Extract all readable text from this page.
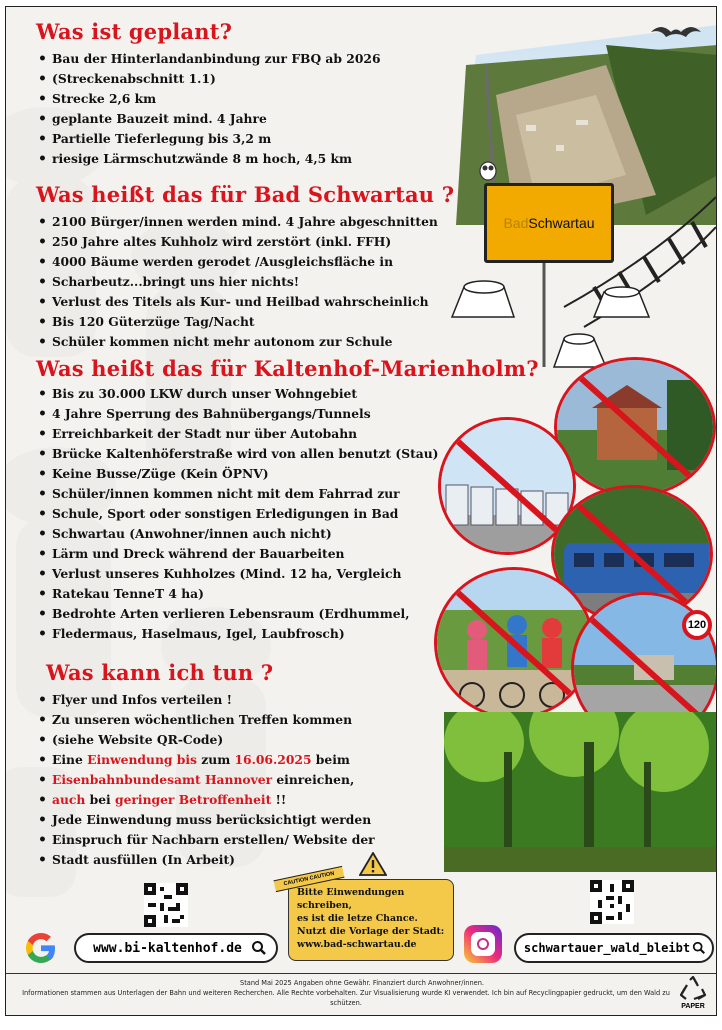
Was ist geplant?
• Bau der Hinterlandanbindung zur FBQ ab 2026
• (Streckenabschnitt 1.1)
• Strecke 2,6 km
• geplante Bauzeit mind. 4 Jahre
• Partielle Tieferlegung bis 3,2 m
• riesige Lärmschutzwände 8 m hoch, 4,5 km
Was heißt das für Bad Schwartau ?
• 2100 Bürger/innen werden mind. 4 Jahre abgeschnitten
• 250 Jahre altes Kuhholz wird zerstört (inkl. FFH)
• 4000 Bäume werden gerodet /Ausgleichsfläche in
• Scharbeutz...bringt uns hier nichts!
• Verlust des Titels als Kur- und Heilbad wahrscheinlich
• Bis 120 Güterzüge Tag/Nacht
• Schüler kommen nicht mehr autonom zur Schule
Bad Schwartau
Was heißt das für Kaltenhof-Marienholm?
• Bis zu 30.000 LKW durch unser Wohngebiet
• 4 Jahre Sperrung des Bahnübergangs/Tunnels
• Erreichbarkeit der Stadt nur über Autobahn
• Brücke Kaltenhöferstraße wird von allen benutzt (Stau)
• Keine Busse/Züge (Kein ÖPNV)
• Schüler/innen kommen nicht mit dem Fahrrad zur
• Schule, Sport oder sonstigen Erledigungen in Bad
• Schwartau (Anwohner/innen auch nicht)
• Lärm und Dreck während der Bauarbeiten
• Verlust unseres Kuhholzes (Mind. 12 ha, Vergleich
• Ratekau TenneT 4 ha)
• Bedrohte Arten verlieren Lebensraum (Erdhummel,
• Fledermaus, Haselmaus, Igel, Laubfrosch)
120
Was kann ich tun ?
• Flyer und Infos verteilen !
• Zu unseren wöchentlichen Treffen kommen
• (siehe Website QR-Code)
• Eine Einwendung bis zum 16.06.2025 beim
• Eisenbahnbundesamt Hannover einreichen,
• auch bei geringer Betroffenheit !!
• Jede Einwendung muss berücksichtigt werden
• Einspruch für Nachbarn erstellen/ Website der
• Stadt ausfüllen (In Arbeit)
Bitte Einwendungen schreiben,
es ist die letze Chance.
Nutzt die Vorlage der Stadt:
www.bad-schwartau.de
CAUTION CAUTION
www.bi-kaltenhof.de	schwartauer_wald_bleibt
Stand Mai 2025 Angaben ohne Gewähr. Finanziert durch Anwohner/innen.
Informationen stammen aus Unterlagen der Bahn und weiteren Recherchen. Alle Rechte vorbehalten. Zur Visualisierung wurde KI verwendet. Ich bin auf Recyclingpapier gedruckt, um den Wald zu schützen.	PAPER
